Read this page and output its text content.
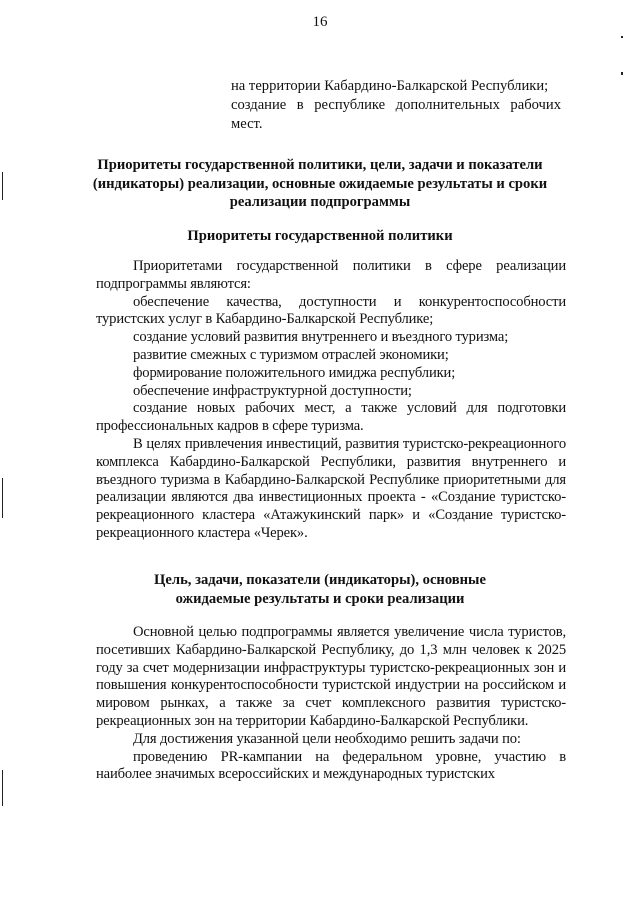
16

на территории Кабардино-Балкарской Республики;

создание в республике дополнительных рабочих мест.

Приоритеты государственной политики, цели, задачи и показатели (индикаторы) реализации, основные ожидаемые результаты и сроки реализации подпрограммы
Приоритеты государственной политики

Приоритетами государственной политики в сфере реализации подпрограммы являются:

обеспечение качества, доступности и конкурентоспособности туристских услуг в Кабардино-Балкарской Республике;

создание условий развития внутреннего и въездного туризма;

развитие смежных с туризмом отраслей экономики;

формирование положительного имиджа республики;

обеспечение инфраструктурной доступности;

создание новых рабочих мест, а также условий для подготовки профессиональных кадров в сфере туризма.

В целях привлечения инвестиций, развития туристско-рекреационного комплекса Кабардино-Балкарской Республики, развития внутреннего и въездного туризма в Кабардино-Балкарской Республике приоритетными для реализации являются два инвестиционных проекта - «Создание туристско-рекреационного кластера «Атажукинский парк» и «Создание туристско-рекреационного кластера «Черек».

Цель, задачи, показатели (индикаторы), основные ожидаемые результаты и сроки реализации

Основной целью подпрограммы является увеличение числа туристов, посетивших Кабардино-Балкарской Республику, до 1,3 млн человек к 2025 году за счет модернизации инфраструктуры туристско-рекреационных зон и повышения конкурентоспособности туристской индустрии на российском и мировом рынках, а также за счет комплексного развития туристско-рекреационных зон на территории Кабардино-Балкарской Республики.

Для достижения указанной цели необходимо решить задачи по:

проведению PR-кампании на федеральном уровне, участию в наиболее значимых всероссийских и международных туристских
